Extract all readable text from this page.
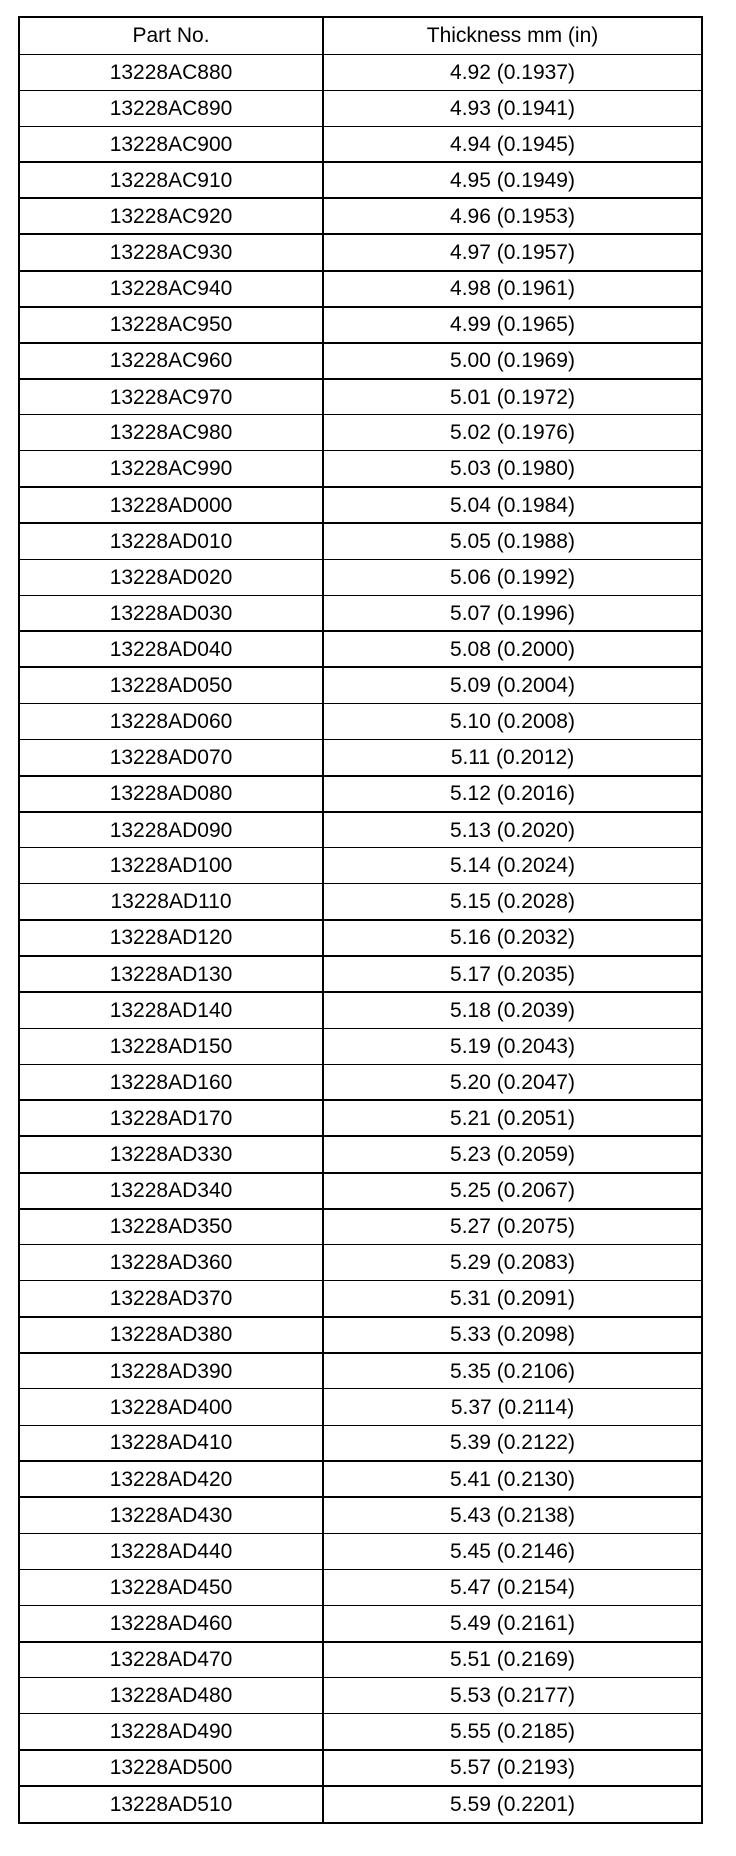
Part No.	Thickness mm (in)
13228AC880	4.92 (0.1937)
13228AC890	4.93 (0.1941)
13228AC900	4.94 (0.1945)
13228AC910	4.95 (0.1949)
13228AC920	4.96 (0.1953)
13228AC930	4.97 (0.1957)
13228AC940	4.98 (0.1961)
13228AC950	4.99 (0.1965)
13228AC960	5.00 (0.1969)
13228AC970	5.01 (0.1972)
13228AC980	5.02 (0.1976)
13228AC990	5.03 (0.1980)
13228AD000	5.04 (0.1984)
13228AD010	5.05 (0.1988)
13228AD020	5.06 (0.1992)
13228AD030	5.07 (0.1996)
13228AD040	5.08 (0.2000)
13228AD050	5.09 (0.2004)
13228AD060	5.10 (0.2008)
13228AD070	5.11 (0.2012)
13228AD080	5.12 (0.2016)
13228AD090	5.13 (0.2020)
13228AD100	5.14 (0.2024)
13228AD110	5.15 (0.2028)
13228AD120	5.16 (0.2032)
13228AD130	5.17 (0.2035)
13228AD140	5.18 (0.2039)
13228AD150	5.19 (0.2043)
13228AD160	5.20 (0.2047)
13228AD170	5.21 (0.2051)
13228AD330	5.23 (0.2059)
13228AD340	5.25 (0.2067)
13228AD350	5.27 (0.2075)
13228AD360	5.29 (0.2083)
13228AD370	5.31 (0.2091)
13228AD380	5.33 (0.2098)
13228AD390	5.35 (0.2106)
13228AD400	5.37 (0.2114)
13228AD410	5.39 (0.2122)
13228AD420	5.41 (0.2130)
13228AD430	5.43 (0.2138)
13228AD440	5.45 (0.2146)
13228AD450	5.47 (0.2154)
13228AD460	5.49 (0.2161)
13228AD470	5.51 (0.2169)
13228AD480	5.53 (0.2177)
13228AD490	5.55 (0.2185)
13228AD500	5.57 (0.2193)
13228AD510	5.59 (0.2201)
